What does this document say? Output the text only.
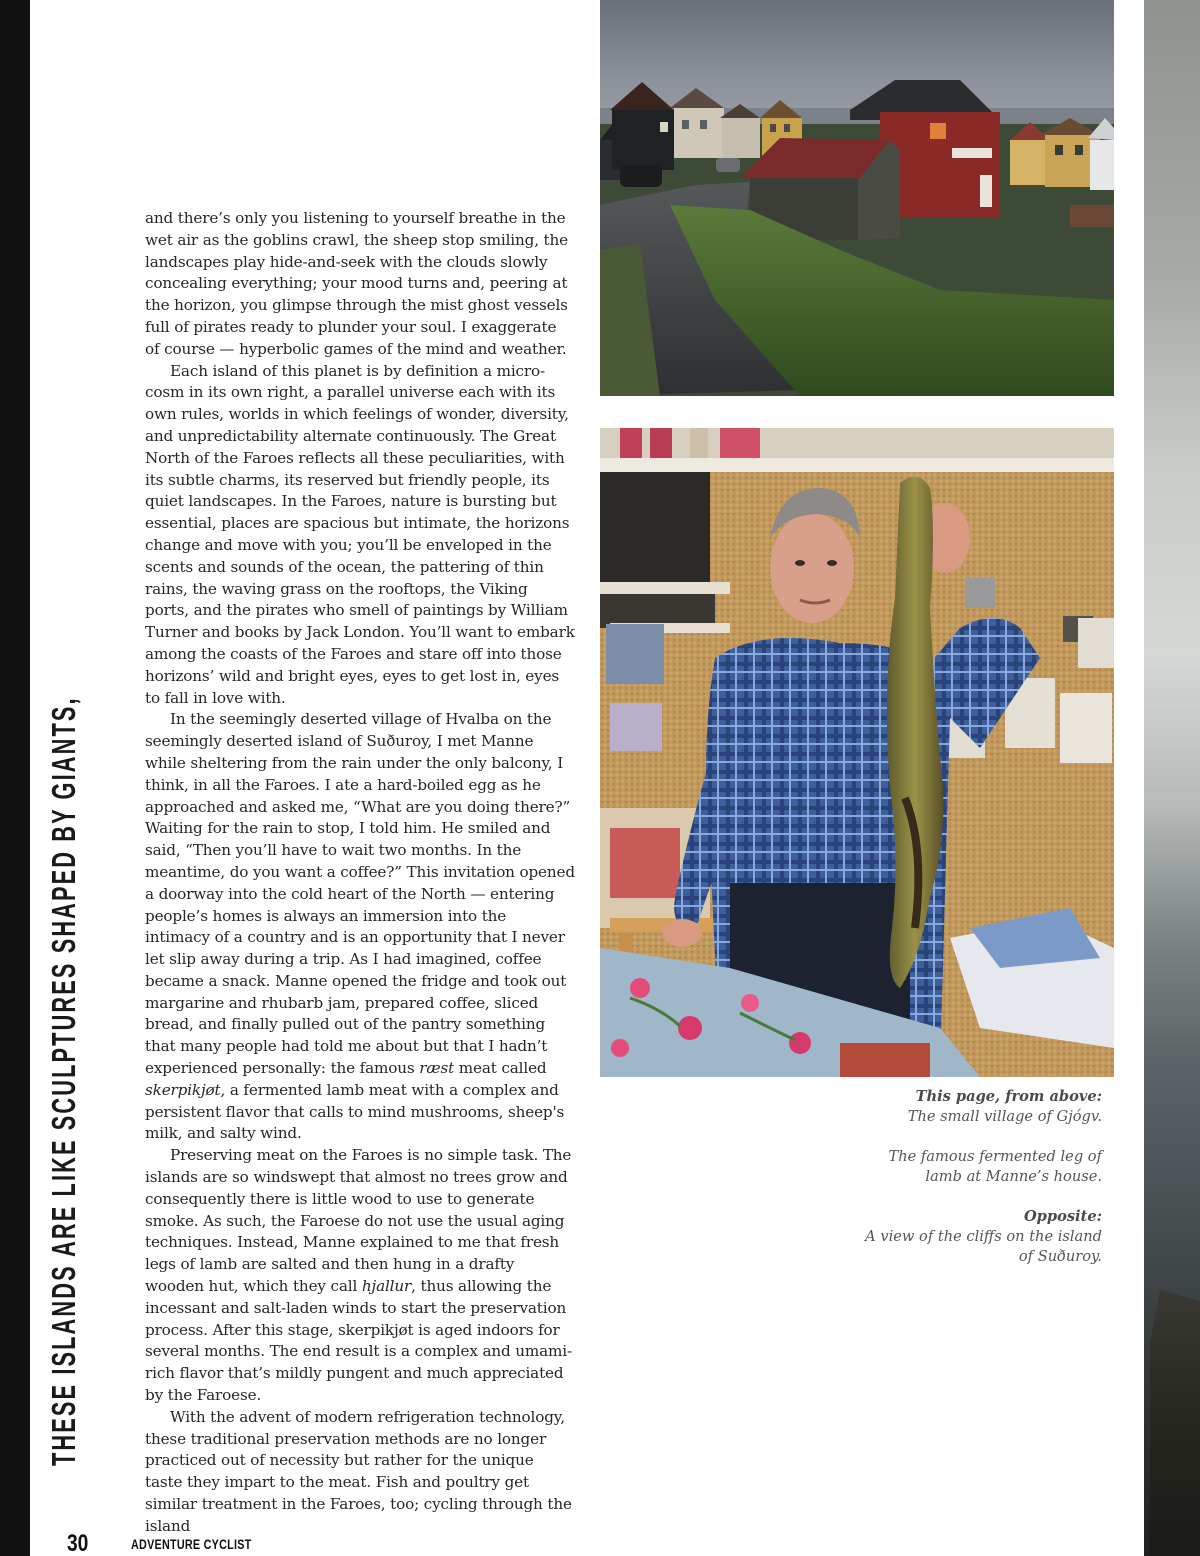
THESE ISLANDS ARE LIKE SCULPTURES SHAPED BY GIANTS,

and there’s only you listening to yourself breathe in the wet air as the goblins crawl, the sheep stop smiling, the landscapes play hide-and-seek with the clouds slowly concealing everything; your mood turns and, peering at the horizon, you glimpse through the mist ghost vessels full of pirates ready to plunder your soul. I exaggerate of course — hyperbolic games of the mind and weather.

Each island of this planet is by definition a microcosm in its own right, a parallel universe each with its own rules, worlds in which feelings of wonder, diversity, and unpredictability alternate continuously. The Great North of the Faroes reflects all these peculiarities, with its subtle charms, its reserved but friendly people, its quiet landscapes. In the Faroes, nature is bursting but essential, places are spacious but intimate, the horizons change and move with you; you’ll be enveloped in the scents and sounds of the ocean, the pattering of thin rains, the waving grass on the rooftops, the Viking ports, and the pirates who smell of paintings by William Turner and books by Jack London. You’ll want to embark among the coasts of the Faroes and stare off into those horizons’ wild and bright eyes, eyes to get lost in, eyes to fall in love with.

In the seemingly deserted village of Hvalba on the seemingly deserted island of Suðuroy, I met Manne while sheltering from the rain under the only balcony, I think, in all the Faroes. I ate a hard-boiled egg as he approached and asked me, “What are you doing there?” Waiting for the rain to stop, I told him. He smiled and said, “Then you’ll have to wait two months. In the meantime, do you want a coffee?” This invitation opened a doorway into the cold heart of the North — entering people’s homes is always an immersion into the intimacy of a country and is an opportunity that I never let slip away during a trip. As I had imagined, coffee became a snack. Manne opened the fridge and took out margarine and rhubarb jam, prepared coffee, sliced bread, and finally pulled out of the pantry something that many people had told me about but that I hadn’t experienced personally: the famous ræst meat called skerpikjøt, a fermented lamb meat with a complex and persistent flavor that calls to mind mushrooms, sheep's milk, and salty wind.

Preserving meat on the Faroes is no simple task. The islands are so windswept that almost no trees grow and consequently there is little wood to use to generate smoke. As such, the Faroese do not use the usual aging techniques. Instead, Manne explained to me that fresh legs of lamb are salted and then hung in a drafty wooden hut, which they call hjallur, thus allowing the incessant and salt-laden winds to start the preservation process. After this stage, skerpikjøt is aged indoors for several months. The end result is a complex and umami-rich flavor that’s mildly pungent and much appreciated by the Faroese.

With the advent of modern refrigeration technology, these traditional preservation methods are no longer practiced out of necessity but rather for the unique taste they impart to the meat. Fish and poultry get similar treatment in the Faroes, too; cycling through the island

This page, from above:
The small village of Gjógv.
The famous fermented leg of lamb at Manne’s house.
Opposite:
A view of the cliffs on the island of Suðuroy.
30	ADVENTURE CYCLIST
